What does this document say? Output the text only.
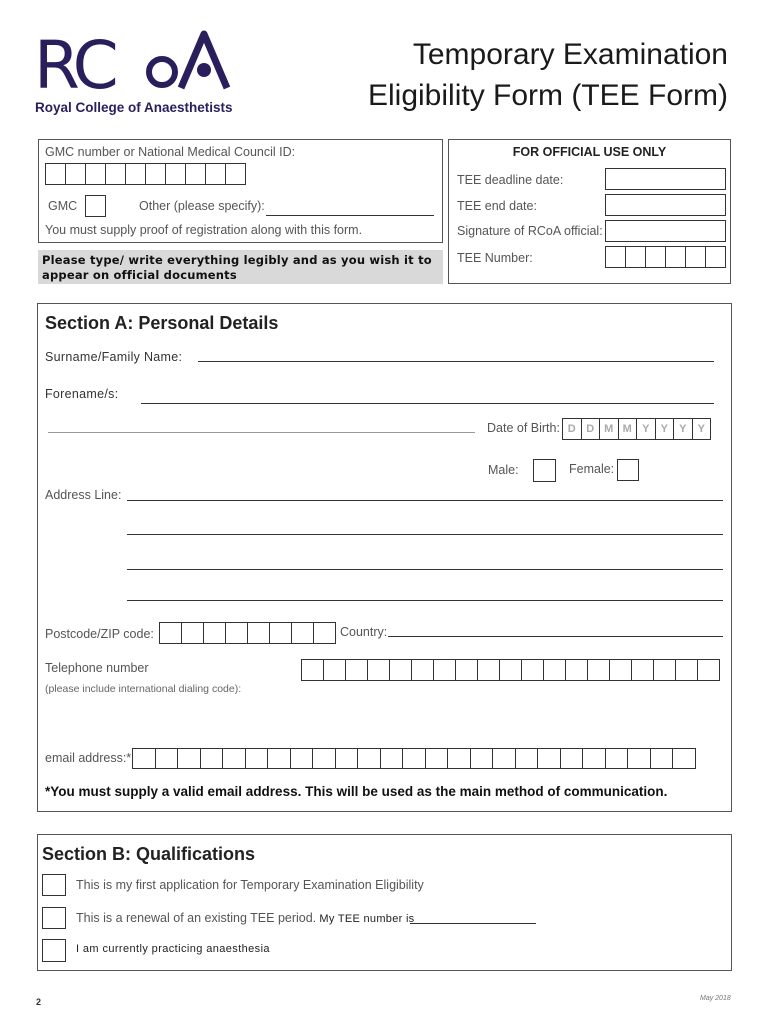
RC
Royal College of Anaesthetists
Temporary Examination
Eligibility Form (TEE Form)
GMC number or National Medical Council ID:
GMC	Other (please specify):
You must supply proof of registration along with this form.
Please type/ write everything legibly and as you wish it to appear on official documents
FOR OFFICIAL USE ONLY
TEE deadline date:
TEE end date:
Signature of RCoA official:
TEE Number:
Section A: Personal Details
Surname/Family Name:
Forename/s:
Date of Birth: D D M M Y	Y	Y	Y
Male:	Female:
Address Line:
Postcode/ZIP code:	Country:
Telephone number
(please include international dialing code):
email address:*
*You must supply a valid email address. This will be used as the main method of communication.
Section B: Qualifications
This is my first application for Temporary Examination Eligibility
This is a renewal of an existing TEE period. My TEE number is
I am currently practicing anaesthesia
2	May 2018
